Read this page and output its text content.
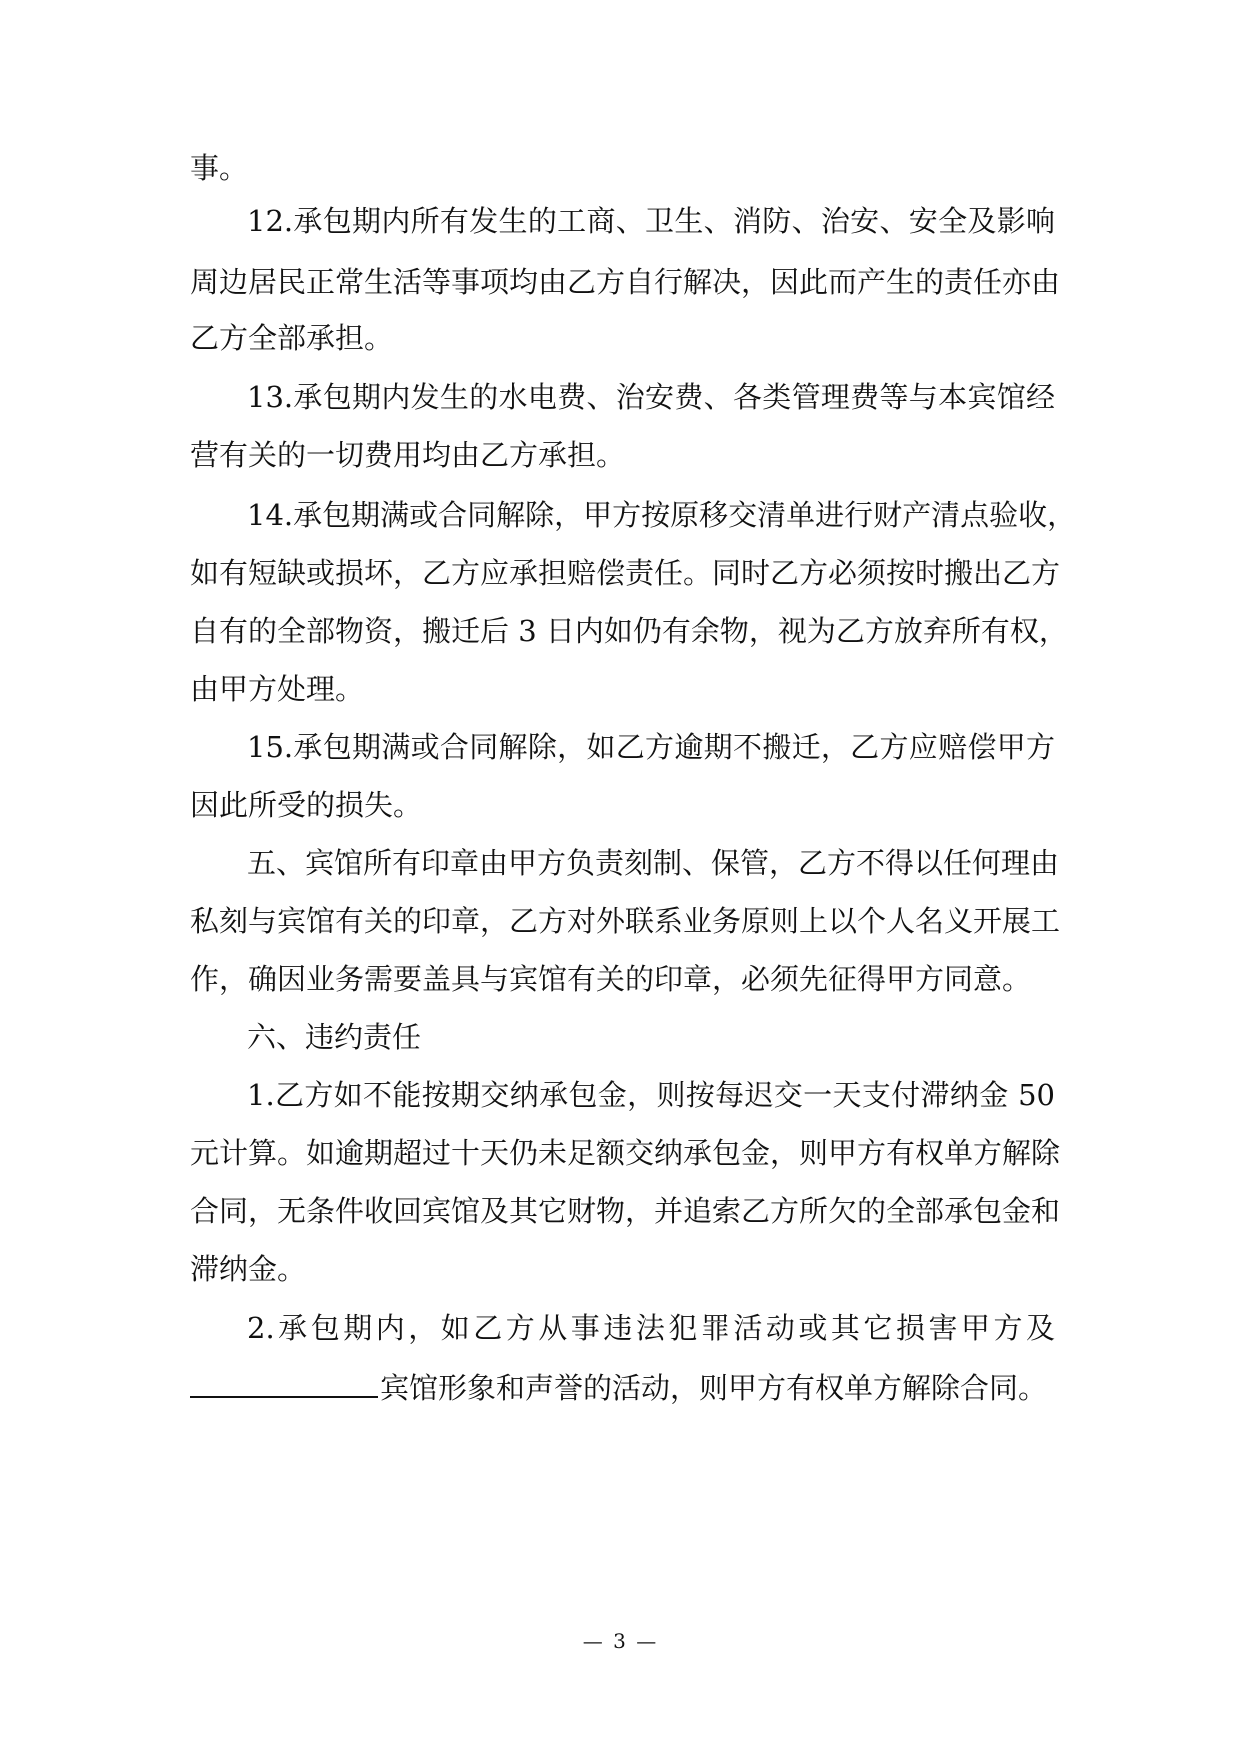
事。
12.承包期内所有发生的工商、卫生、消防、治安、安全及影响
周边居民正常生活等事项均由乙方自行解决，因此而产生的责任亦由
乙方全部承担。
13.承包期内发生的水电费、治安费、各类管理费等与本宾馆经
营有关的一切费用均由乙方承担。
14.承包期满或合同解除，甲方按原移交清单进行财产清点验收，
如有短缺或损坏，乙方应承担赔偿责任。同时乙方必须按时搬出乙方
自有的全部物资，搬迁后 3 日内如仍有余物，视为乙方放弃所有权，
由甲方处理。
15.承包期满或合同解除，如乙方逾期不搬迁，乙方应赔偿甲方
因此所受的损失。
五、宾馆所有印章由甲方负责刻制、保管，乙方不得以任何理由
私刻与宾馆有关的印章，乙方对外联系业务原则上以个人名义开展工
作，确因业务需要盖具与宾馆有关的印章，必须先征得甲方同意。
六、违约责任
1.乙方如不能按期交纳承包金，则按每迟交一天支付滞纳金 50
元计算。如逾期超过十天仍未足额交纳承包金，则甲方有权单方解除
合同，无条件收回宾馆及其它财物，并追索乙方所欠的全部承包金和
滞纳金。
2.承包期内，如乙方从事违法犯罪活动或其它损害甲方及
宾馆形象和声誉的活动，则甲方有权单方解除合同。
— 3 —
